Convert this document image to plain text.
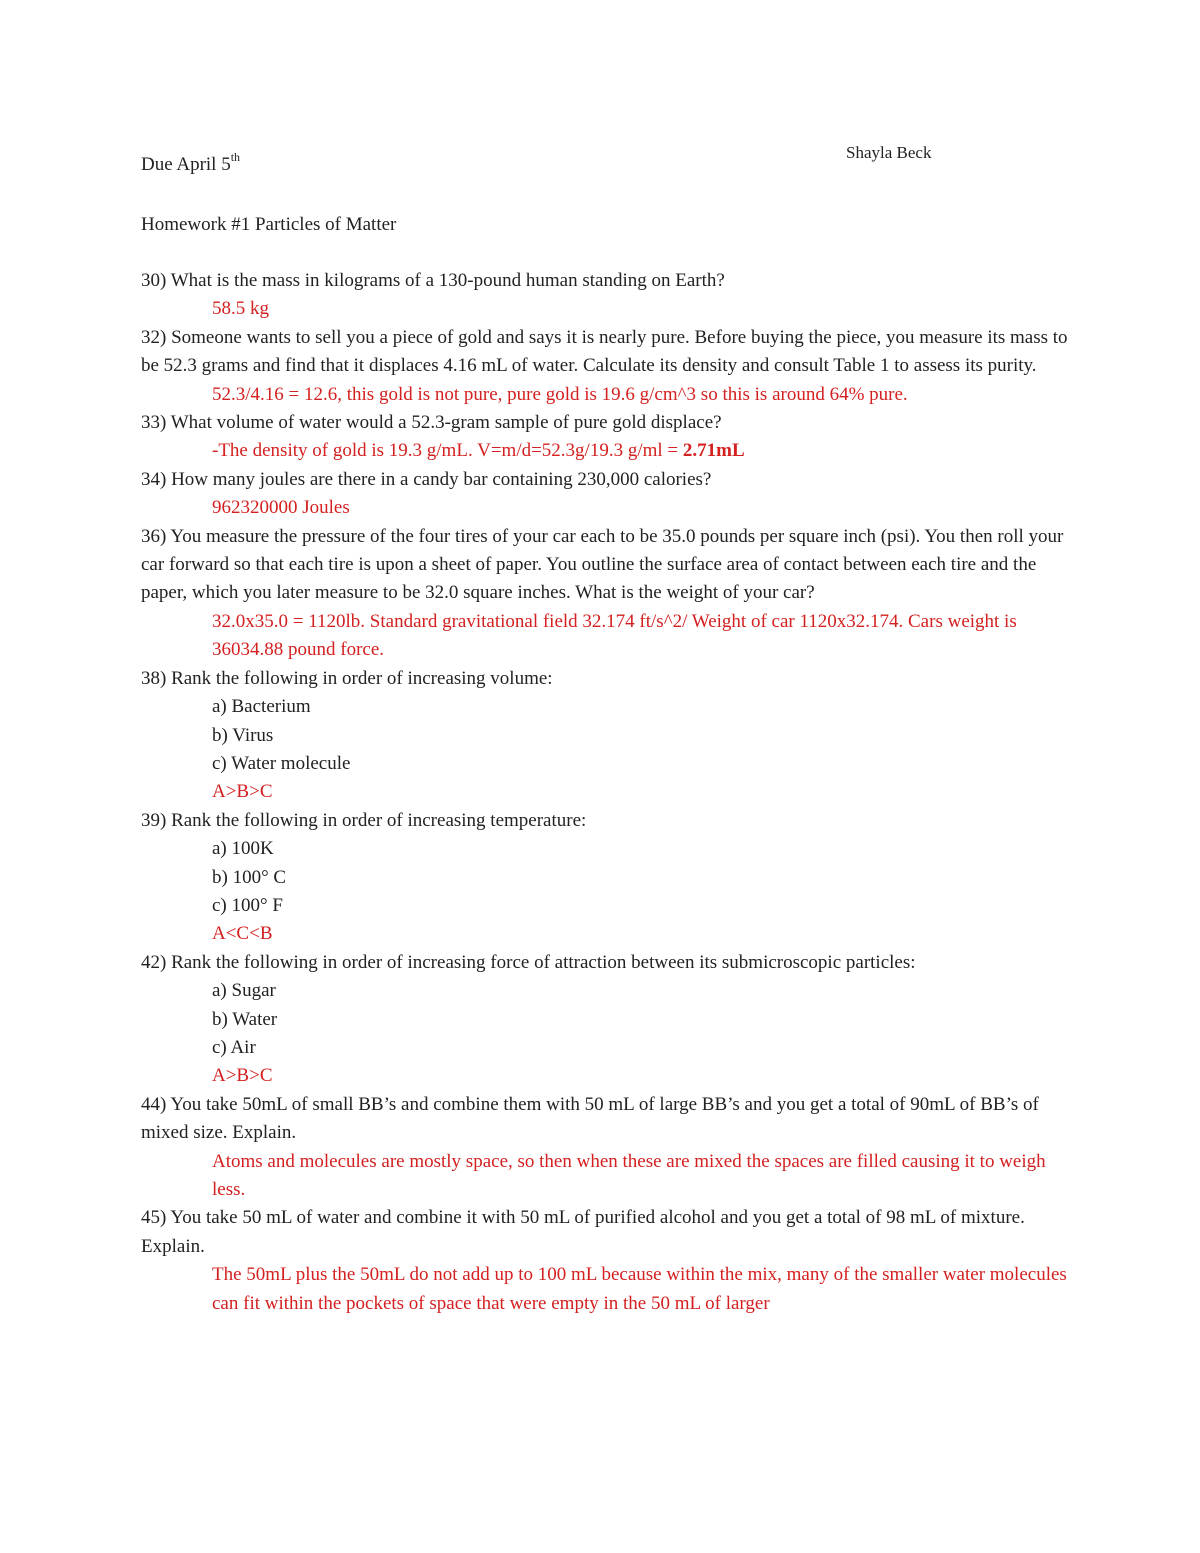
Shayla Beck
Due April 5th
Homework #1 Particles of Matter

30) What is the mass in kilograms of a 130-pound human standing on Earth?

58.5 kg

32) Someone wants to sell you a piece of gold and says it is nearly pure. Before buying the piece, you measure its mass to be 52.3 grams and find that it displaces 4.16 mL of water. Calculate its density and consult Table 1 to assess its purity.

52.3/4.16 = 12.6, this gold is not pure, pure gold is 19.6 g/cm^3 so this is around 64% pure.

33) What volume of water would a 52.3-gram sample of pure gold displace?

-The density of gold is 19.3 g/mL. V=m/d=52.3g/19.3 g/ml = 2.71mL

34) How many joules are there in a candy bar containing 230,000 calories?

962320000 Joules

36) You measure the pressure of the four tires of your car each to be 35.0 pounds per square inch (psi). You then roll your car forward so that each tire is upon a sheet of paper. You outline the surface area of contact between each tire and the paper, which you later measure to be 32.0 square inches. What is the weight of your car?

32.0x35.0 = 1120lb. Standard gravitational field 32.174 ft/s^2/ Weight of car 1120x32.174. Cars weight is 36034.88 pound force.

38) Rank the following in order of increasing volume:

a) Bacterium

b) Virus

c) Water molecule

A>B>C

39) Rank the following in order of increasing temperature:

a) 100K

b) 100° C

c) 100° F

A<C<B

42) Rank the following in order of increasing force of attraction between its submicroscopic particles:

a) Sugar

b) Water

c) Air

A>B>C

44) You take 50mL of small BB’s and combine them with 50 mL of large BB’s and you get a total of 90mL of BB’s of mixed size. Explain.

Atoms and molecules are mostly space, so then when these are mixed the spaces are filled causing it to weigh less.

45) You take 50 mL of water and combine it with 50 mL of purified alcohol and you get a total of 98 mL of mixture. Explain.

The 50mL plus the 50mL do not add up to 100 mL because within the mix, many of the smaller water molecules can fit within the pockets of space that were empty in the 50 mL of larger
